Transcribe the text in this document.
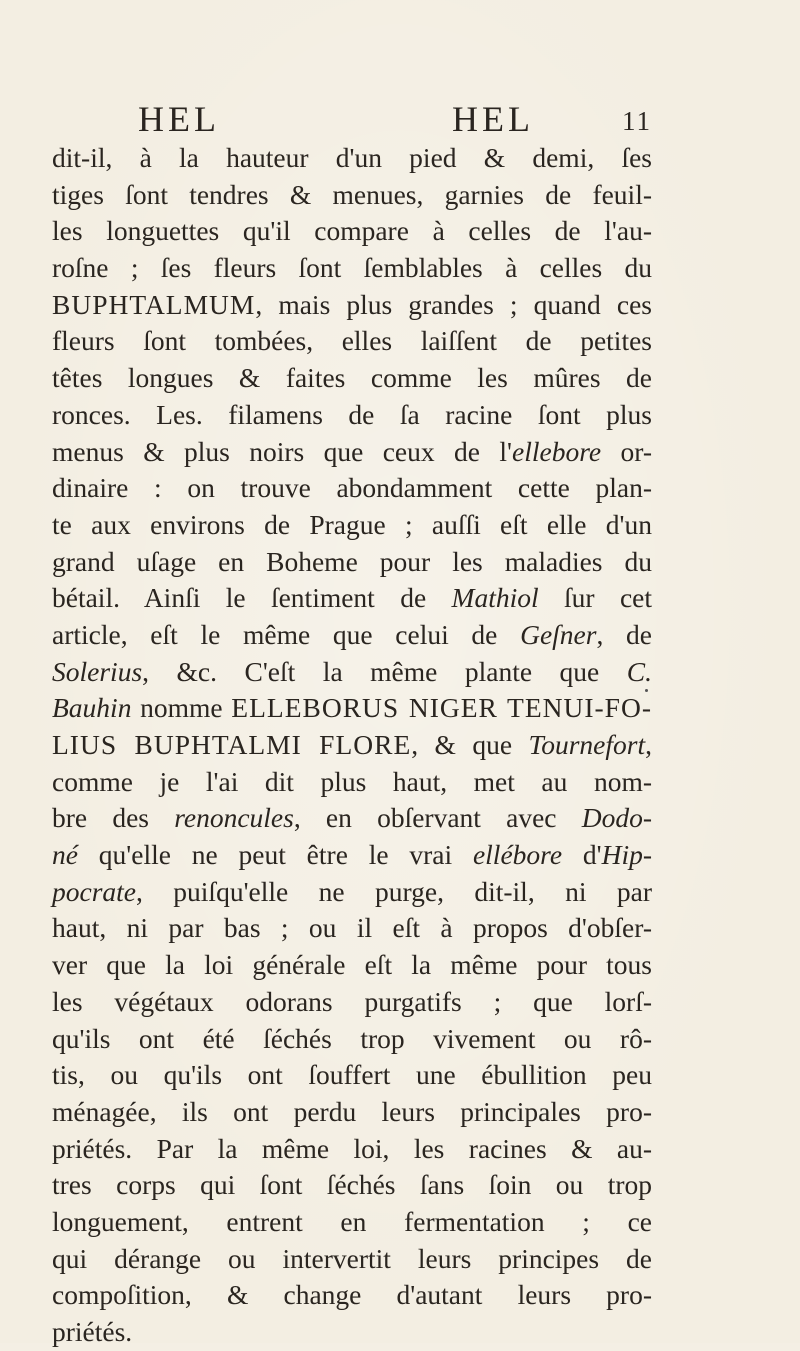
HEL	HEL	11
dit-il, à la hauteur d'un pied & demi, ſes
tiges ſont tendres & menues, garnies de feuil-
les longuettes qu'il compare à celles de l'au-
roſne ; ſes fleurs ſont ſemblables à celles du
BUPHTALMUM, mais plus grandes ; quand ces
fleurs ſont tombées, elles laiſſent de petites
têtes longues & faites comme les mûres de
ronces. Les. filamens de ſa racine ſont plus
menus & plus noirs que ceux de l'ellebore or-
dinaire : on trouve abondamment cette plan-
te aux environs de Prague ; auſſi eſt elle d'un
grand uſage en Boheme pour les maladies du
bétail. Ainſi le ſentiment de Mathiol ſur cet
article, eſt le même que celui de Geſner, de
Solerius, &c. C'eſt la même plante que C.
Bauhin nomme ELLEBORUS NIGER TENUI-FO-
LIUS BUPHTALMI FLORE, & que Tournefort,
comme je l'ai dit plus haut, met au nom-
bre des renoncules, en obſervant avec Dodo-
né qu'elle ne peut être le vrai ellébore d'Hip-
pocrate, puiſqu'elle ne purge, dit-il, ni par
haut, ni par bas ; ou il eſt à propos d'obſer-
ver que la loi générale eſt la même pour tous
les végétaux odorans purgatifs ; que lorſ-
qu'ils ont été ſéchés trop vivement ou rô-
tis, ou qu'ils ont ſouffert une ébullition peu
ménagée, ils ont perdu leurs principales pro-
priétés. Par la même loi, les racines & au-
tres corps qui ſont ſéchés ſans ſoin ou trop
longuement, entrent en fermentation ; ce
qui dérange ou intervertit leurs principes de
compoſition, & change d'autant leurs pro-
priétés.
